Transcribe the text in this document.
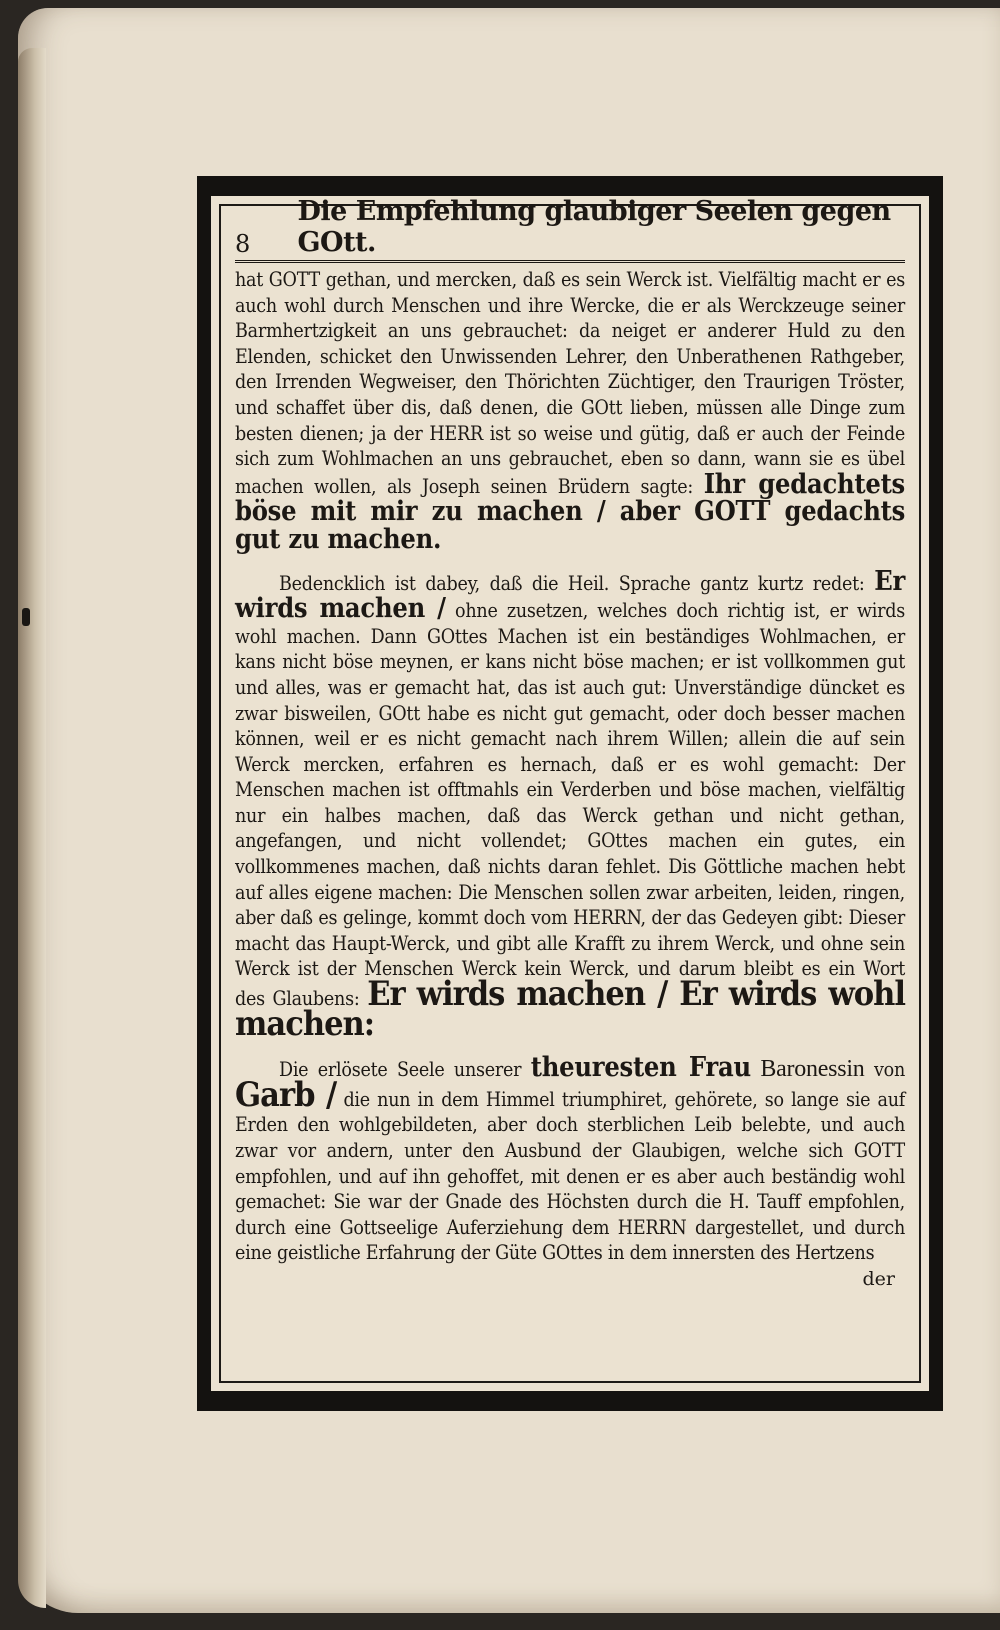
8
Die Empfehlung glaubiger Seelen gegen GOtt.

hat GOTT gethan, und mercken, daß es sein Werck ist. Vielfältig macht er es auch wohl durch Menschen und ihre Wercke, die er als Werckzeuge seiner Barmhertzigkeit an uns gebrauchet: da neiget er anderer Huld zu den Elenden, schicket den Unwissenden Lehrer, den Unberathenen Rathgeber, den Irrenden Wegweiser, den Thörichten Züchtiger, den Traurigen Tröster, und schaffet über dis, daß denen, die GOtt lieben, müssen alle Dinge zum besten dienen; ja der HERR ist so weise und gütig, daß er auch der Feinde sich zum Wohlmachen an uns gebrauchet, eben so dann, wann sie es übel machen wollen, als Joseph seinen Brüdern sagte: Ihr gedachtets böse mit mir zu machen / aber GOTT gedachts gut zu machen.

Bedencklich ist dabey, daß die Heil. Sprache gantz kurtz redet: Er wirds machen / ohne zusetzen, welches doch richtig ist, er wirds wohl machen. Dann GOttes Machen ist ein beständiges Wohlmachen, er kans nicht böse meynen, er kans nicht böse machen; er ist vollkommen gut und alles, was er gemacht hat, das ist auch gut: Unverständige düncket es zwar bisweilen, GOtt habe es nicht gut gemacht, oder doch besser machen können, weil er es nicht gemacht nach ihrem Willen; allein die auf sein Werck mercken, erfahren es hernach, daß er es wohl gemacht: Der Menschen machen ist offtmahls ein Verderben und böse machen, vielfältig nur ein halbes machen, daß das Werck gethan und nicht gethan, angefangen, und nicht vollendet; GOttes machen ein gutes, ein vollkommenes machen, daß nichts daran fehlet. Dis Göttliche machen hebt auf alles eigene machen: Die Menschen sollen zwar arbeiten, leiden, ringen, aber daß es gelinge, kommt doch vom HERRN, der das Gedeyen gibt: Dieser macht das Haupt-Werck, und gibt alle Krafft zu ihrem Werck, und ohne sein Werck ist der Menschen Werck kein Werck, und darum bleibt es ein Wort des Glaubens: Er wirds machen / Er wirds wohl machen:

Die erlösete Seele unserer theuresten Frau Baronessin von Garb / die nun in dem Himmel triumphiret, gehörete, so lange sie auf Erden den wohlgebildeten, aber doch sterblichen Leib belebte, und auch zwar vor andern, unter den Ausbund der Glaubigen, welche sich GOTT empfohlen, und auf ihn gehoffet, mit denen er es aber auch beständig wohl gemachet: Sie war der Gnade des Höchsten durch die H. Tauff empfohlen, durch eine Gottseelige Auferziehung dem HERRN dargestellet, und durch eine geistliche Erfahrung der Güte GOttes in dem innersten des Hertzens

der
